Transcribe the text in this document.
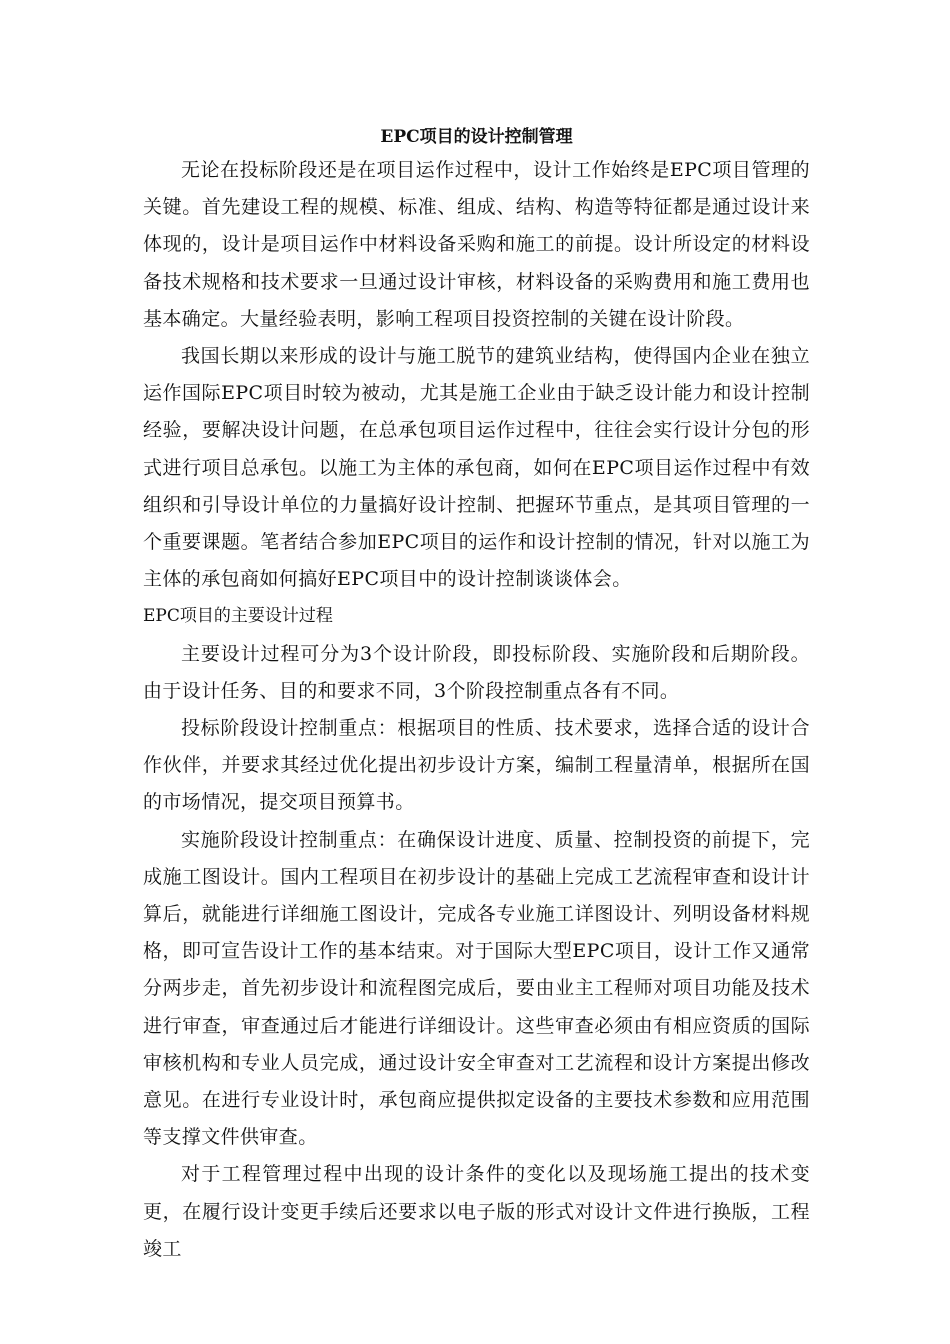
EPC项目的设计控制管理

无论在投标阶段还是在项目运作过程中，设计工作始终是EPC项目管理的关键。首先建设工程的规模、标准、组成、结构、构造等特征都是通过设计来体现的，设计是项目运作中材料设备采购和施工的前提。设计所设定的材料设备技术规格和技术要求一旦通过设计审核，材料设备的采购费用和施工费用也基本确定。大量经验表明，影响工程项目投资控制的关键在设计阶段。

我国长期以来形成的设计与施工脱节的建筑业结构，使得国内企业在独立运作国际EPC项目时较为被动，尤其是施工企业由于缺乏设计能力和设计控制经验，要解决设计问题，在总承包项目运作过程中，往往会实行设计分包的形式进行项目总承包。以施工为主体的承包商，如何在EPC项目运作过程中有效组织和引导设计单位的力量搞好设计控制、把握环节重点，是其项目管理的一个重要课题。笔者结合参加EPC项目的运作和设计控制的情况，针对以施工为主体的承包商如何搞好EPC项目中的设计控制谈谈体会。

EPC项目的主要设计过程

主要设计过程可分为3个设计阶段，即投标阶段、实施阶段和后期阶段。由于设计任务、目的和要求不同，3个阶段控制重点各有不同。

投标阶段设计控制重点：根据项目的性质、技术要求，选择合适的设计合作伙伴，并要求其经过优化提出初步设计方案，编制工程量清单，根据所在国的市场情况，提交项目预算书。

实施阶段设计控制重点：在确保设计进度、质量、控制投资的前提下，完成施工图设计。国内工程项目在初步设计的基础上完成工艺流程审查和设计计算后，就能进行详细施工图设计，完成各专业施工详图设计、列明设备材料规格，即可宣告设计工作的基本结束。对于国际大型EPC项目，设计工作又通常分两步走，首先初步设计和流程图完成后，要由业主工程师对项目功能及技术进行审查，审查通过后才能进行详细设计。这些审查必须由有相应资质的国际审核机构和专业人员完成，通过设计安全审查对工艺流程和设计方案提出修改意见。在进行专业设计时，承包商应提供拟定设备的主要技术参数和应用范围等支撑文件供审查。

对于工程管理过程中出现的设计条件的变化以及现场施工提出的技术变更，在履行设计变更手续后还要求以电子版的形式对设计文件进行换版，工程竣工
